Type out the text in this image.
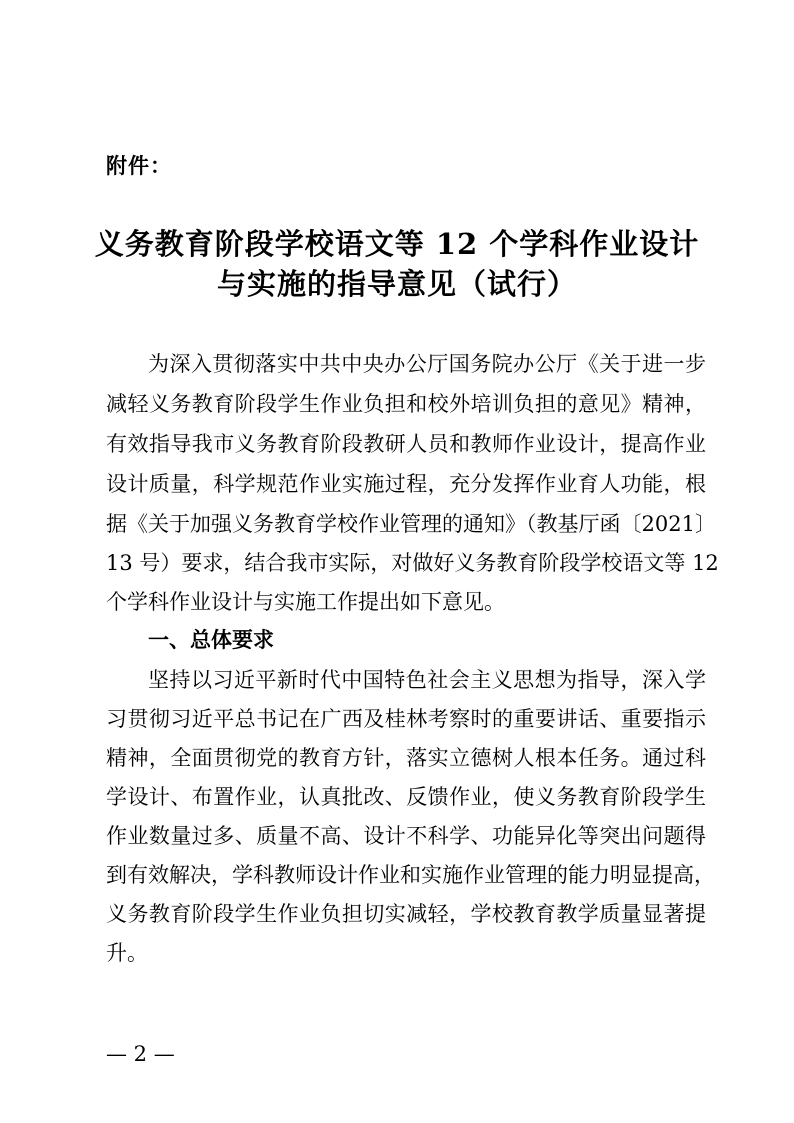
附件：
义务教育阶段学校语文等 12 个学科作业设计
与实施的指导意见（试行）
为深入贯彻落实中共中央办公厅国务院办公厅《关于进一步
减轻义务教育阶段学生作业负担和校外培训负担的意见》精神，
有效指导我市义务教育阶段教研人员和教师作业设计，提高作业
设计质量，科学规范作业实施过程，充分发挥作业育人功能，根
据《关于加强义务教育学校作业管理的通知》（教基厅函〔2021〕
13 号）要求，结合我市实际，对做好义务教育阶段学校语文等 12
个学科作业设计与实施工作提出如下意见。
一、总体要求
坚持以习近平新时代中国特色社会主义思想为指导，深入学
习贯彻习近平总书记在广西及桂林考察时的重要讲话、重要指示
精神，全面贯彻党的教育方针，落实立德树人根本任务。通过科
学设计、布置作业，认真批改、反馈作业，使义务教育阶段学生
作业数量过多、质量不高、设计不科学、功能异化等突出问题得
到有效解决，学科教师设计作业和实施作业管理的能力明显提高，
义务教育阶段学生作业负担切实减轻，学校教育教学质量显著提
升。
— 2 —
